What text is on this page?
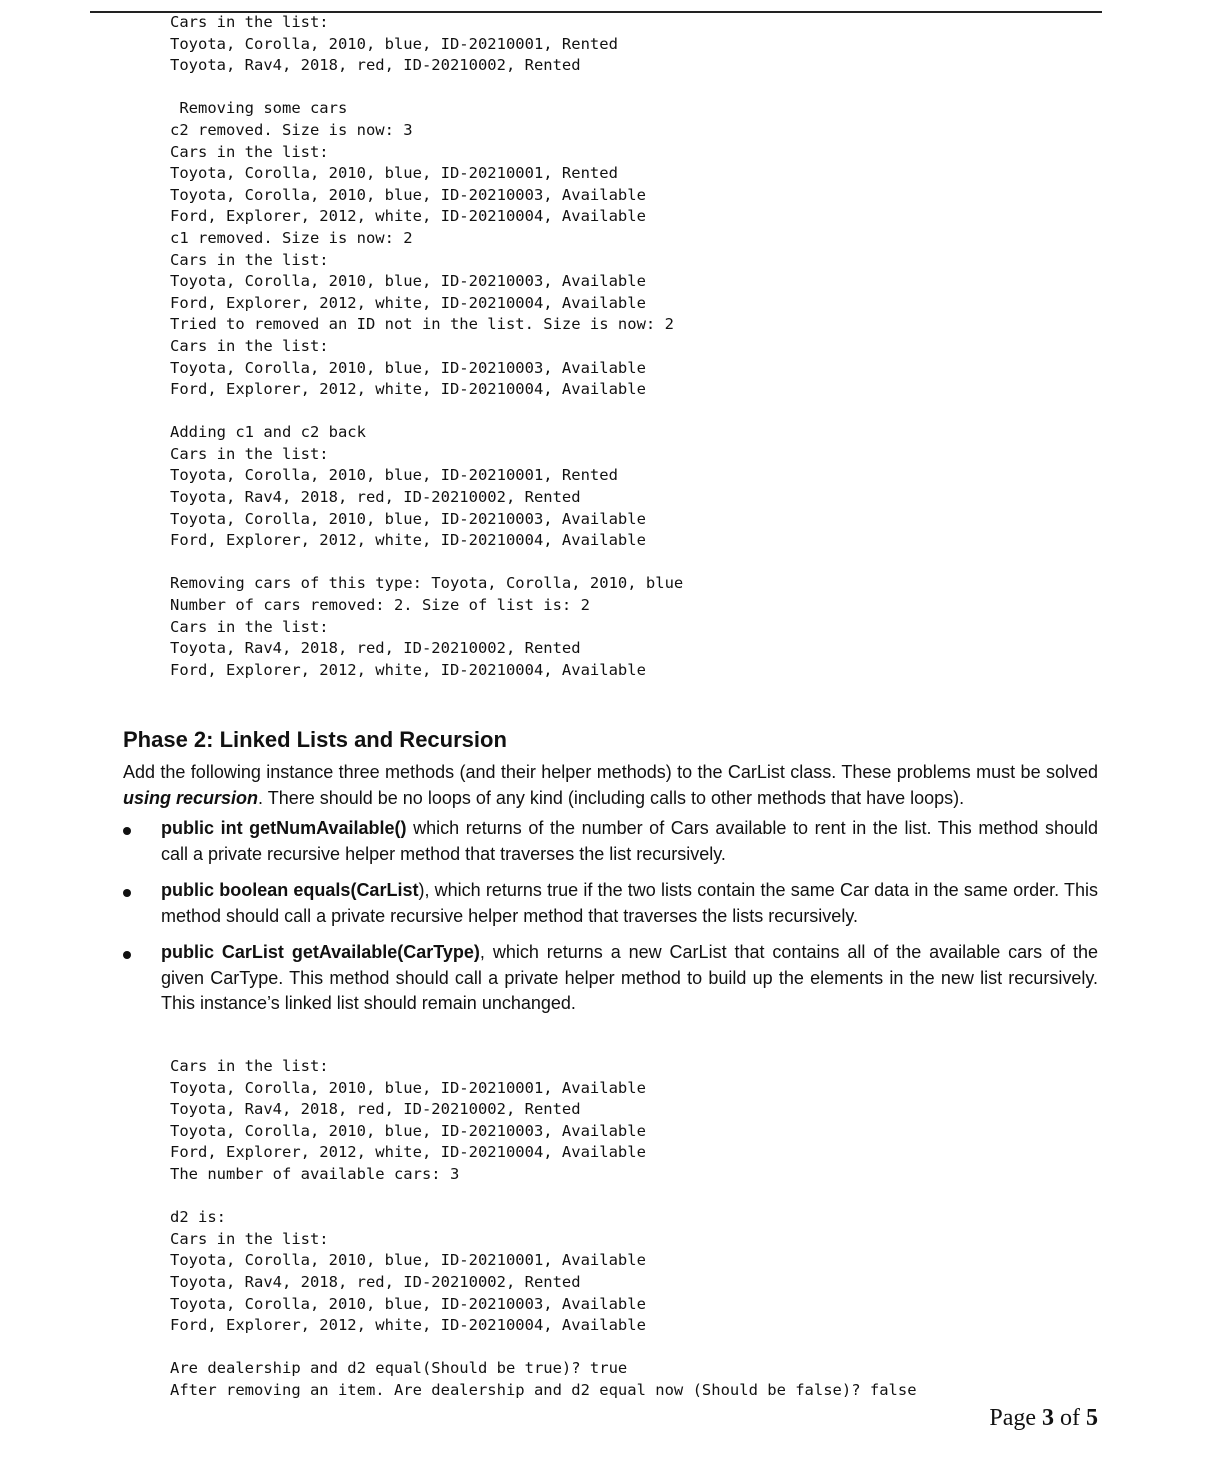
Cars in the list:
Toyota, Corolla, 2010, blue, ID-20210001, Rented
Toyota, Rav4, 2018, red, ID-20210002, Rented
Removing some cars
c2 removed. Size is now: 3
Cars in the list:
Toyota, Corolla, 2010, blue, ID-20210001, Rented
Toyota, Corolla, 2010, blue, ID-20210003, Available
Ford, Explorer, 2012, white, ID-20210004, Available
c1 removed. Size is now: 2
Cars in the list:
Toyota, Corolla, 2010, blue, ID-20210003, Available
Ford, Explorer, 2012, white, ID-20210004, Available
Tried to removed an ID not in the list. Size is now: 2
Cars in the list:
Toyota, Corolla, 2010, blue, ID-20210003, Available
Ford, Explorer, 2012, white, ID-20210004, Available
Adding c1 and c2 back
Cars in the list:
Toyota, Corolla, 2010, blue, ID-20210001, Rented
Toyota, Rav4, 2018, red, ID-20210002, Rented
Toyota, Corolla, 2010, blue, ID-20210003, Available
Ford, Explorer, 2012, white, ID-20210004, Available
Removing cars of this type: Toyota, Corolla, 2010, blue
Number of cars removed: 2. Size of list is: 2
Cars in the list:
Toyota, Rav4, 2018, red, ID-20210002, Rented
Ford, Explorer, 2012, white, ID-20210004, Available
Phase 2: Linked Lists and Recursion

Add the following instance three methods (and their helper methods) to the CarList class. These problems must be solved using recursion. There should be no loops of any kind (including calls to other methods that have loops).

public int getNumAvailable() which returns of the number of Cars available to rent in the list. This method should call a private recursive helper method that traverses the list recursively.
public boolean equals(CarList), which returns true if the two lists contain the same Car data in the same order. This method should call a private recursive helper method that traverses the lists recursively.
public CarList getAvailable(CarType), which returns a new CarList that contains all of the available cars of the given CarType. This method should call a private helper method to build up the elements in the new list recursively. This instance’s linked list should remain unchanged.
Cars in the list:
Toyota, Corolla, 2010, blue, ID-20210001, Available
Toyota, Rav4, 2018, red, ID-20210002, Rented
Toyota, Corolla, 2010, blue, ID-20210003, Available
Ford, Explorer, 2012, white, ID-20210004, Available
The number of available cars: 3
d2 is:
Cars in the list:
Toyota, Corolla, 2010, blue, ID-20210001, Available
Toyota, Rav4, 2018, red, ID-20210002, Rented
Toyota, Corolla, 2010, blue, ID-20210003, Available
Ford, Explorer, 2012, white, ID-20210004, Available
Are dealership and d2 equal(Should be true)? true
After removing an item. Are dealership and d2 equal now (Should be false)? false

Page 3 of 5
